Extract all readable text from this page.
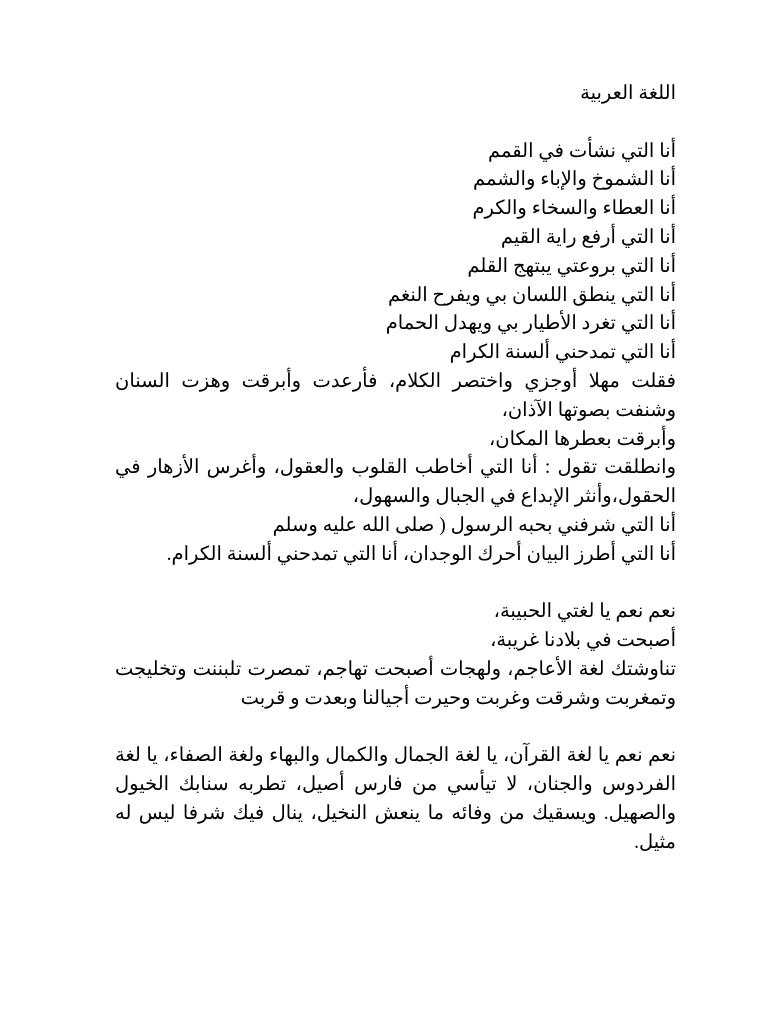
اللغة العربية
أنا التي نشأت في القمم
أنا الشموخ والإباء والشمم
أنا العطاء والسخاء والكرم
أنا التي أرفع راية القيم
أنا التي بروعتي يبتهج القلم
أنا التي ينطق اللسان بي ويفرح النغم
أنا التي تغرد الأطيار بي ويهدل الحمام
أنا التي تمدحني ألسنة الكرام
فقلت مهلا أوجزي واختصر الكلام، فأرعدت وأبرقت وهزت السنان وشنفت بصوتها الآذان،
وأبرقت بعطرها المكان،
وانطلقت تقول : أنا التي أخاطب القلوب والعقول، وأغرس الأزهار في الحقول،وأنثر الإبداع في الجبال والسهول،
أنا التي شرفني بحبه الرسول ( صلى الله عليه وسلم
أنا التي أطرز البيان أحرك الوجدان، أنا التي تمدحني ألسنة الكرام.
نعم نعم يا لغتي الحبيبة،
أصبحت في بلادنا غريبة،
تناوشتك لغة الأعاجم، ولهجات أصبحت تهاجم، تمصرت تلبننت وتخليجت وتمغربت وشرقت وغربت وحيرت أجيالنا وبعدت و قربت
نعم نعم يا لغة القرآن، يا لغة الجمال والكمال والبهاء ولغة الصفاء، يا لغة الفردوس والجنان، لا تيأسي من فارس أصيل، تطربه سنابك الخيول والصهيل. ويسقيك من وفائه ما ينعش النخيل، ينال فيك شرفا ليس له مثيل.
